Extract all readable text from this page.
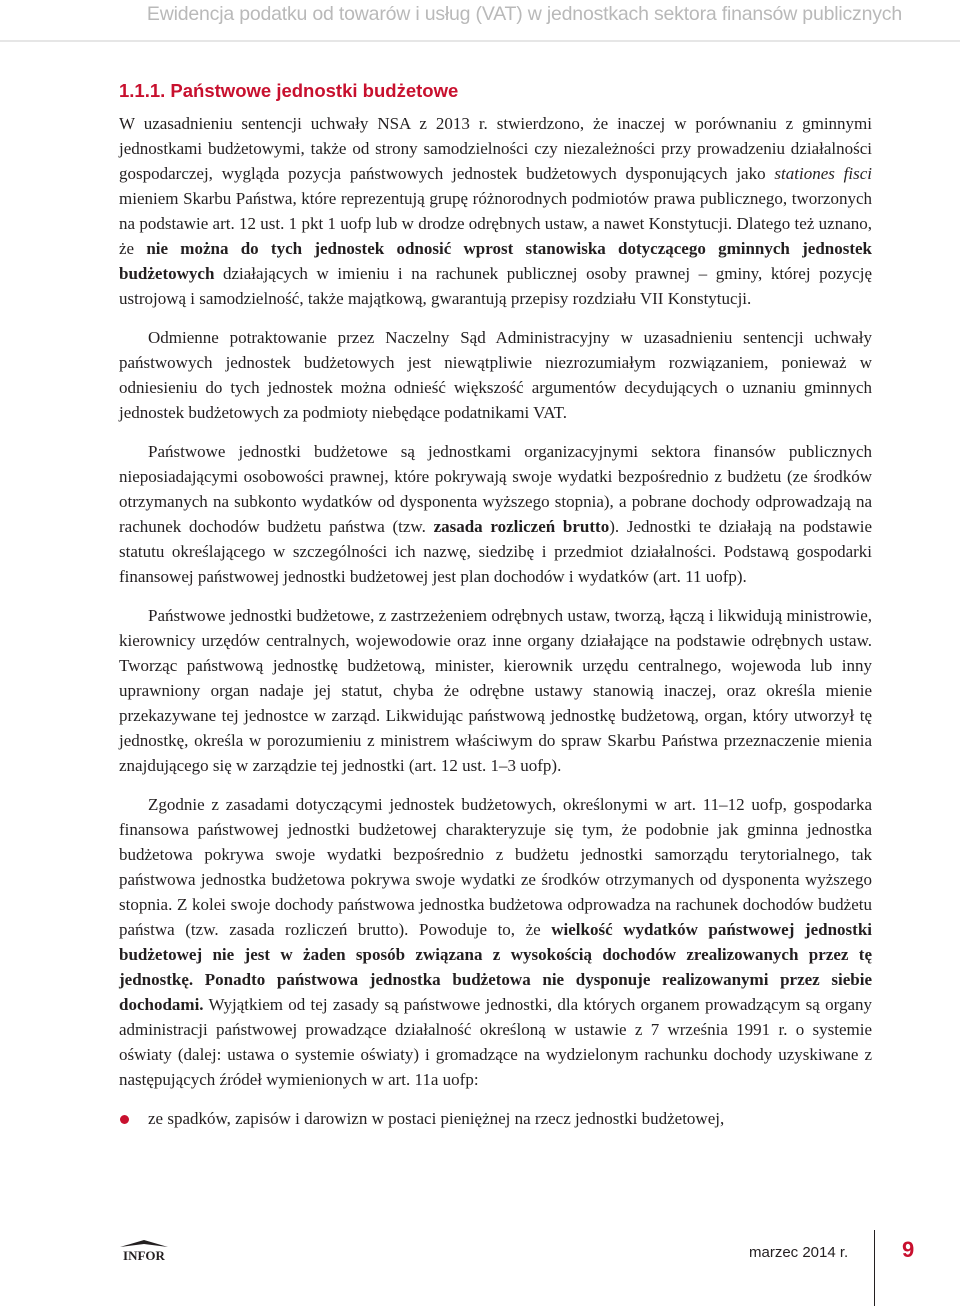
Ewidencja podatku od towarów i usług (VAT) w jednostkach sektora finansów publicznych
1.1.1. Państwowe jednostki budżetowe

W uzasadnieniu sentencji uchwały NSA z 2013 r. stwierdzono, że inaczej w porównaniu z gminnymi jednostkami budżetowymi, także od strony samodzielności czy niezależności przy prowadzeniu działalności gospodarczej, wygląda pozycja państwowych jednostek budżetowych dysponujących jako stationes fisci mieniem Skarbu Państwa, które reprezentują grupę różnorodnych podmiotów prawa publicznego, tworzonych na podstawie art. 12 ust. 1 pkt 1 uofp lub w drodze odrębnych ustaw, a nawet Konstytucji. Dlatego też uznano, że nie można do tych jednostek odnosić wprost stanowiska dotyczącego gminnych jednostek budżetowych działających w imieniu i na rachunek publicznej osoby prawnej – gminy, której pozycję ustrojową i samodzielność, także majątkową, gwarantują przepisy rozdziału VII Konstytucji.

Odmienne potraktowanie przez Naczelny Sąd Administracyjny w uzasadnieniu sentencji uchwały państwowych jednostek budżetowych jest niewątpliwie niezrozumiałym rozwiązaniem, ponieważ w odniesieniu do tych jednostek można odnieść większość argumentów decydujących o uznaniu gminnych jednostek budżetowych za podmioty niebędące podatnikami VAT.

Państwowe jednostki budżetowe są jednostkami organizacyjnymi sektora finansów publicznych nieposiadającymi osobowości prawnej, które pokrywają swoje wydatki bezpośrednio z budżetu (ze środków otrzymanych na subkonto wydatków od dysponenta wyższego stopnia), a pobrane dochody odprowadzają na rachunek dochodów budżetu państwa (tzw. zasada rozliczeń brutto). Jednostki te działają na podstawie statutu określającego w szczególności ich nazwę, siedzibę i przedmiot działalności. Podstawą gospodarki finansowej państwowej jednostki budżetowej jest plan dochodów i wydatków (art. 11 uofp).

Państwowe jednostki budżetowe, z zastrzeżeniem odrębnych ustaw, tworzą, łączą i likwidują ministrowie, kierownicy urzędów centralnych, wojewodowie oraz inne organy działające na podstawie odrębnych ustaw. Tworząc państwową jednostkę budżetową, minister, kierownik urzędu centralnego, wojewoda lub inny uprawniony organ nadaje jej statut, chyba że odrębne ustawy stanowią inaczej, oraz określa mienie przekazywane tej jednostce w zarząd. Likwidując państwową jednostkę budżetową, organ, który utworzył tę jednostkę, określa w porozumieniu z ministrem właściwym do spraw Skarbu Państwa przeznaczenie mienia znajdującego się w zarządzie tej jednostki (art. 12 ust. 1–3 uofp).

Zgodnie z zasadami dotyczącymi jednostek budżetowych, określonymi w art. 11–12 uofp, gospodarka finansowa państwowej jednostki budżetowej charakteryzuje się tym, że podobnie jak gminna jednostka budżetowa pokrywa swoje wydatki bezpośrednio z budżetu jednostki samorządu terytorialnego, tak państwowa jednostka budżetowa pokrywa swoje wydatki ze środków otrzymanych od dysponenta wyższego stopnia. Z kolei swoje dochody państwowa jednostka budżetowa odprowadza na rachunek dochodów budżetu państwa (tzw. zasada rozliczeń brutto). Powoduje to, że wielkość wydatków państwowej jednostki budżetowej nie jest w żaden sposób związana z wysokością dochodów zrealizowanych przez tę jednostkę. Ponadto państwowa jednostka budżetowa nie dysponuje realizowanymi przez siebie dochodami. Wyjątkiem od tej zasady są państwowe jednostki, dla których organem prowadzącym są organy administracji państwowej prowadzące działalność określoną w ustawie z 7 września 1991 r. o systemie oświaty (dalej: ustawa o systemie oświaty) i gromadzące na wydzielonym rachunku dochody uzyskiwane z następujących źródeł wymienionych w art. 11a uofp:

ze spadków, zapisów i darowizn w postaci pieniężnej na rzecz jednostki budżetowej,

INFOR	marzec 2014 r. 9
